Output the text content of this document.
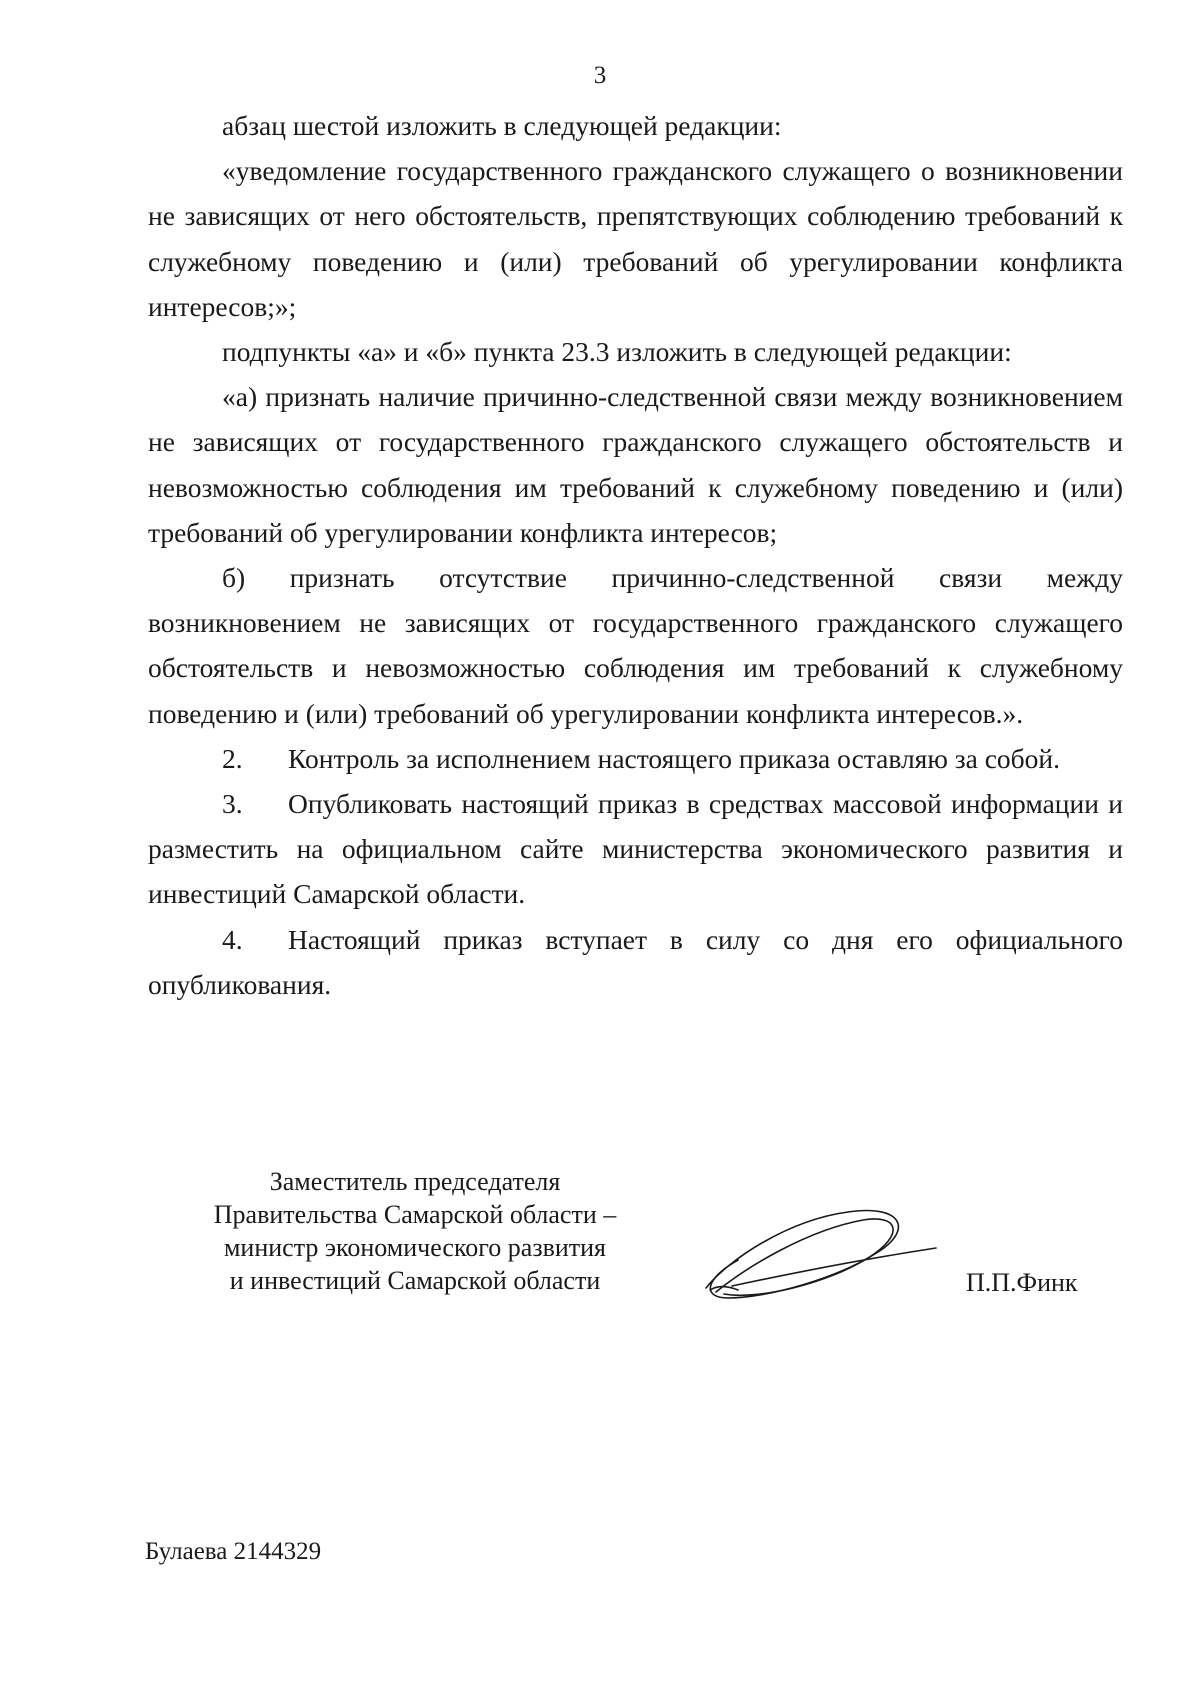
3

абзац шестой изложить в следующей редакции:

«уведомление государственного гражданского служащего о возникновении не зависящих от него обстоятельств, препятствующих соблюдению требований к служебному поведению и (или) требований об урегулировании конфликта интересов;»;

подпункты «а» и «б» пункта 23.3 изложить в следующей редакции:

«а) признать наличие причинно-следственной связи между возникновением не зависящих от государственного гражданского служащего обстоятельств и невозможностью соблюдения им требований к служебному поведению и (или) требований об урегулировании конфликта интересов;

б) признать отсутствие причинно-следственной связи между возникновением не зависящих от государственного гражданского служащего обстоятельств и невозможностью соблюдения им требований к служебному поведению и (или) требований об урегулировании конфликта интересов.».

2. Контроль за исполнением настоящего приказа оставляю за собой.

3. Опубликовать настоящий приказ в средствах массовой информации и разместить на официальном сайте министерства экономического развития и инвестиций Самарской области.

4. Настоящий приказ вступает в силу со дня его официального опубликования.

Заместитель председателя
Правительства Самарской области –
министр экономического развития
и инвестиций Самарской области	П.П.Финк
Булаева 2144329
